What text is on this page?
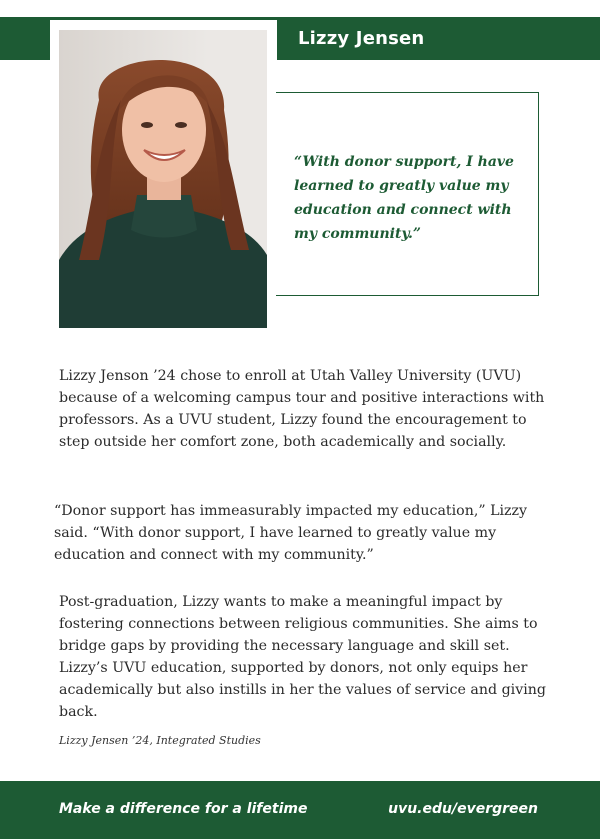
Lizzy Jensen
“With donor support, I have learned to greatly value my education and connect with my community.”
Lizzy Jenson ’24 chose to enroll at Utah Valley University (UVU) because of a welcoming campus tour and positive interactions with professors. As a UVU student, Lizzy found the encouragement to step outside her comfort zone, both academically and socially.
“Donor support has immeasurably impacted my education,” Lizzy said. “With donor support, I have learned to greatly value my education and connect with my community.”
Post-graduation, Lizzy wants to make a meaningful impact by fostering connections between religious communities. She aims to bridge gaps by providing the necessary language and skill set. Lizzy’s UVU education, supported by donors, not only equips her academically but also instills in her the values of service and giving back.
Lizzy Jensen ’24, Integrated Studies
Make a difference for a lifetime	uvu.edu/evergreen
